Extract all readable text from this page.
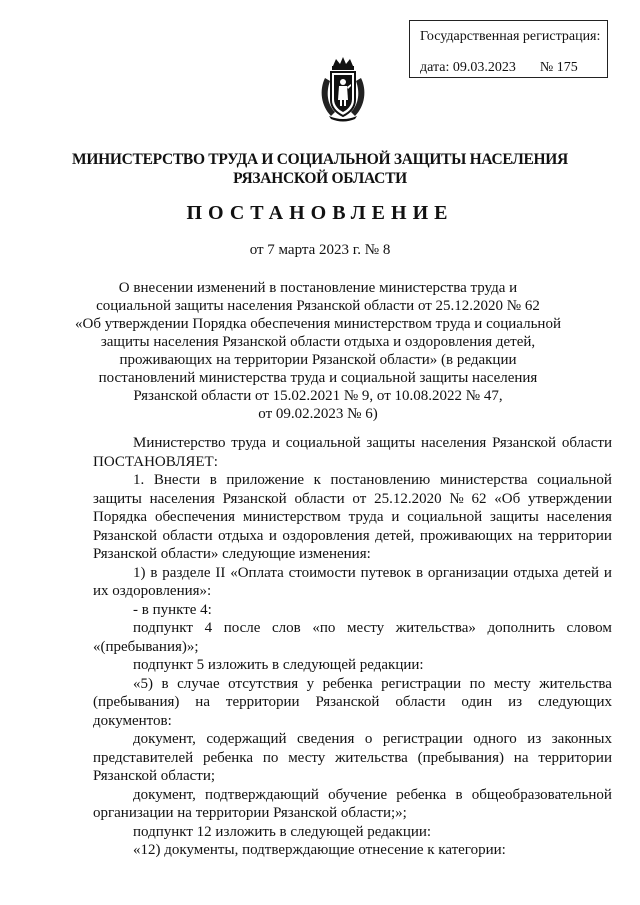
Государственная регистрация:
дата: 09.03.2023 № 175
МИНИСТЕРСТВО ТРУДА И СОЦИАЛЬНОЙ ЗАЩИТЫ НАСЕЛЕНИЯ
РЯЗАНСКОЙ ОБЛАСТИ
ПОСТАНОВЛЕНИЕ
от 7 марта 2023 г. № 8
О внесении изменений в постановление министерства труда и
социальной защиты населения Рязанской области от 25.12.2020 № 62
«Об утверждении Порядка обеспечения министерством труда и социальной
защиты населения Рязанской области отдыха и оздоровления детей,
проживающих на территории Рязанской области» (в редакции
постановлений министерства труда и социальной защиты населения
Рязанской области от 15.02.2021 № 9, от 10.08.2022 № 47,
от 09.02.2023 № 6)
Министерство труда и социальной защиты населения Рязанской области
ПОСТАНОВЛЯЕТ:
1. Внести в приложение к постановлению министерства социальной
защиты населения Рязанской области от 25.12.2020 № 62 «Об утверждении
Порядка обеспечения министерством труда и социальной защиты населения
Рязанской области отдыха и оздоровления детей, проживающих на территории
Рязанской области» следующие изменения:
1) в разделе II «Оплата стоимости путевок в организации отдыха детей и
их оздоровления»:
- в пункте 4:
подпункт 4 после слов «по месту жительства» дополнить словом
«(пребывания)»;
подпункт 5 изложить в следующей редакции:
«5) в случае отсутствия у ребенка регистрации по месту жительства
(пребывания) на территории Рязанской области один из следующих
документов:
документ, содержащий сведения о регистрации одного из законных
представителей ребенка по месту жительства (пребывания) на территории
Рязанской области;
документ, подтверждающий обучение ребенка в общеобразовательной
организации на территории Рязанской области;»;
подпункт 12 изложить в следующей редакции:
«12) документы, подтверждающие отнесение к категории:
